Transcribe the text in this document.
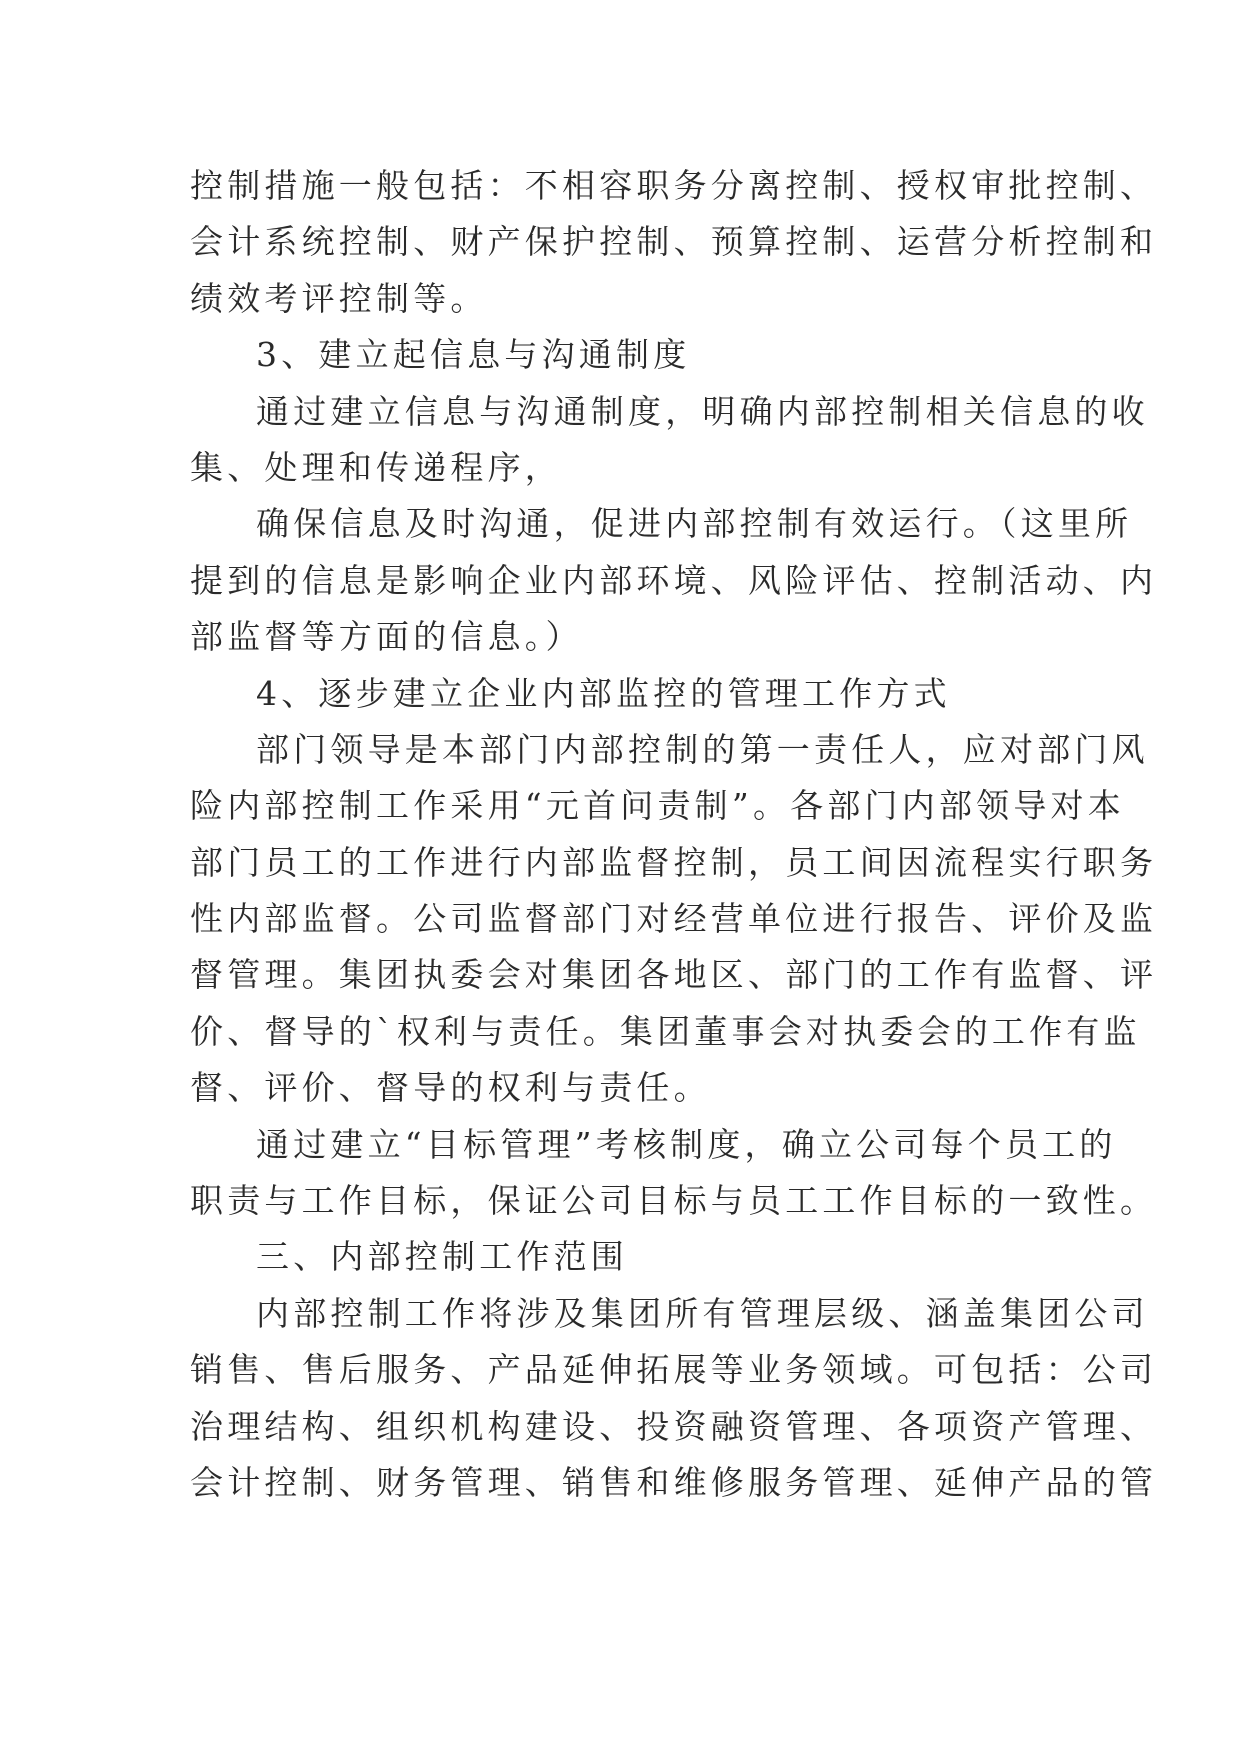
控制措施一般包括：不相容职务分离控制、授权审批控制、
会计系统控制、财产保护控制、预算控制、运营分析控制和
绩效考评控制等。
3、建立起信息与沟通制度
通过建立信息与沟通制度，明确内部控制相关信息的收
集、处理和传递程序，
确保信息及时沟通，促进内部控制有效运行。（这里所
提到的信息是影响企业内部环境、风险评估、控制活动、内
部监督等方面的信息。）
4、逐步建立企业内部监控的管理工作方式
部门领导是本部门内部控制的第一责任人，应对部门风
险内部控制工作采用“元首问责制”。各部门内部领导对本
部门员工的工作进行内部监督控制，员工间因流程实行职务
性内部监督。公司监督部门对经营单位进行报告、评价及监
督管理。集团执委会对集团各地区、部门的工作有监督、评
价、督导的`权利与责任。集团董事会对执委会的工作有监
督、评价、督导的权利与责任。
通过建立“目标管理”考核制度，确立公司每个员工的
职责与工作目标，保证公司目标与员工工作目标的一致性。
三、内部控制工作范围
内部控制工作将涉及集团所有管理层级、涵盖集团公司
销售、售后服务、产品延伸拓展等业务领域。可包括：公司
治理结构、组织机构建设、投资融资管理、各项资产管理、
会计控制、财务管理、销售和维修服务管理、延伸产品的管
